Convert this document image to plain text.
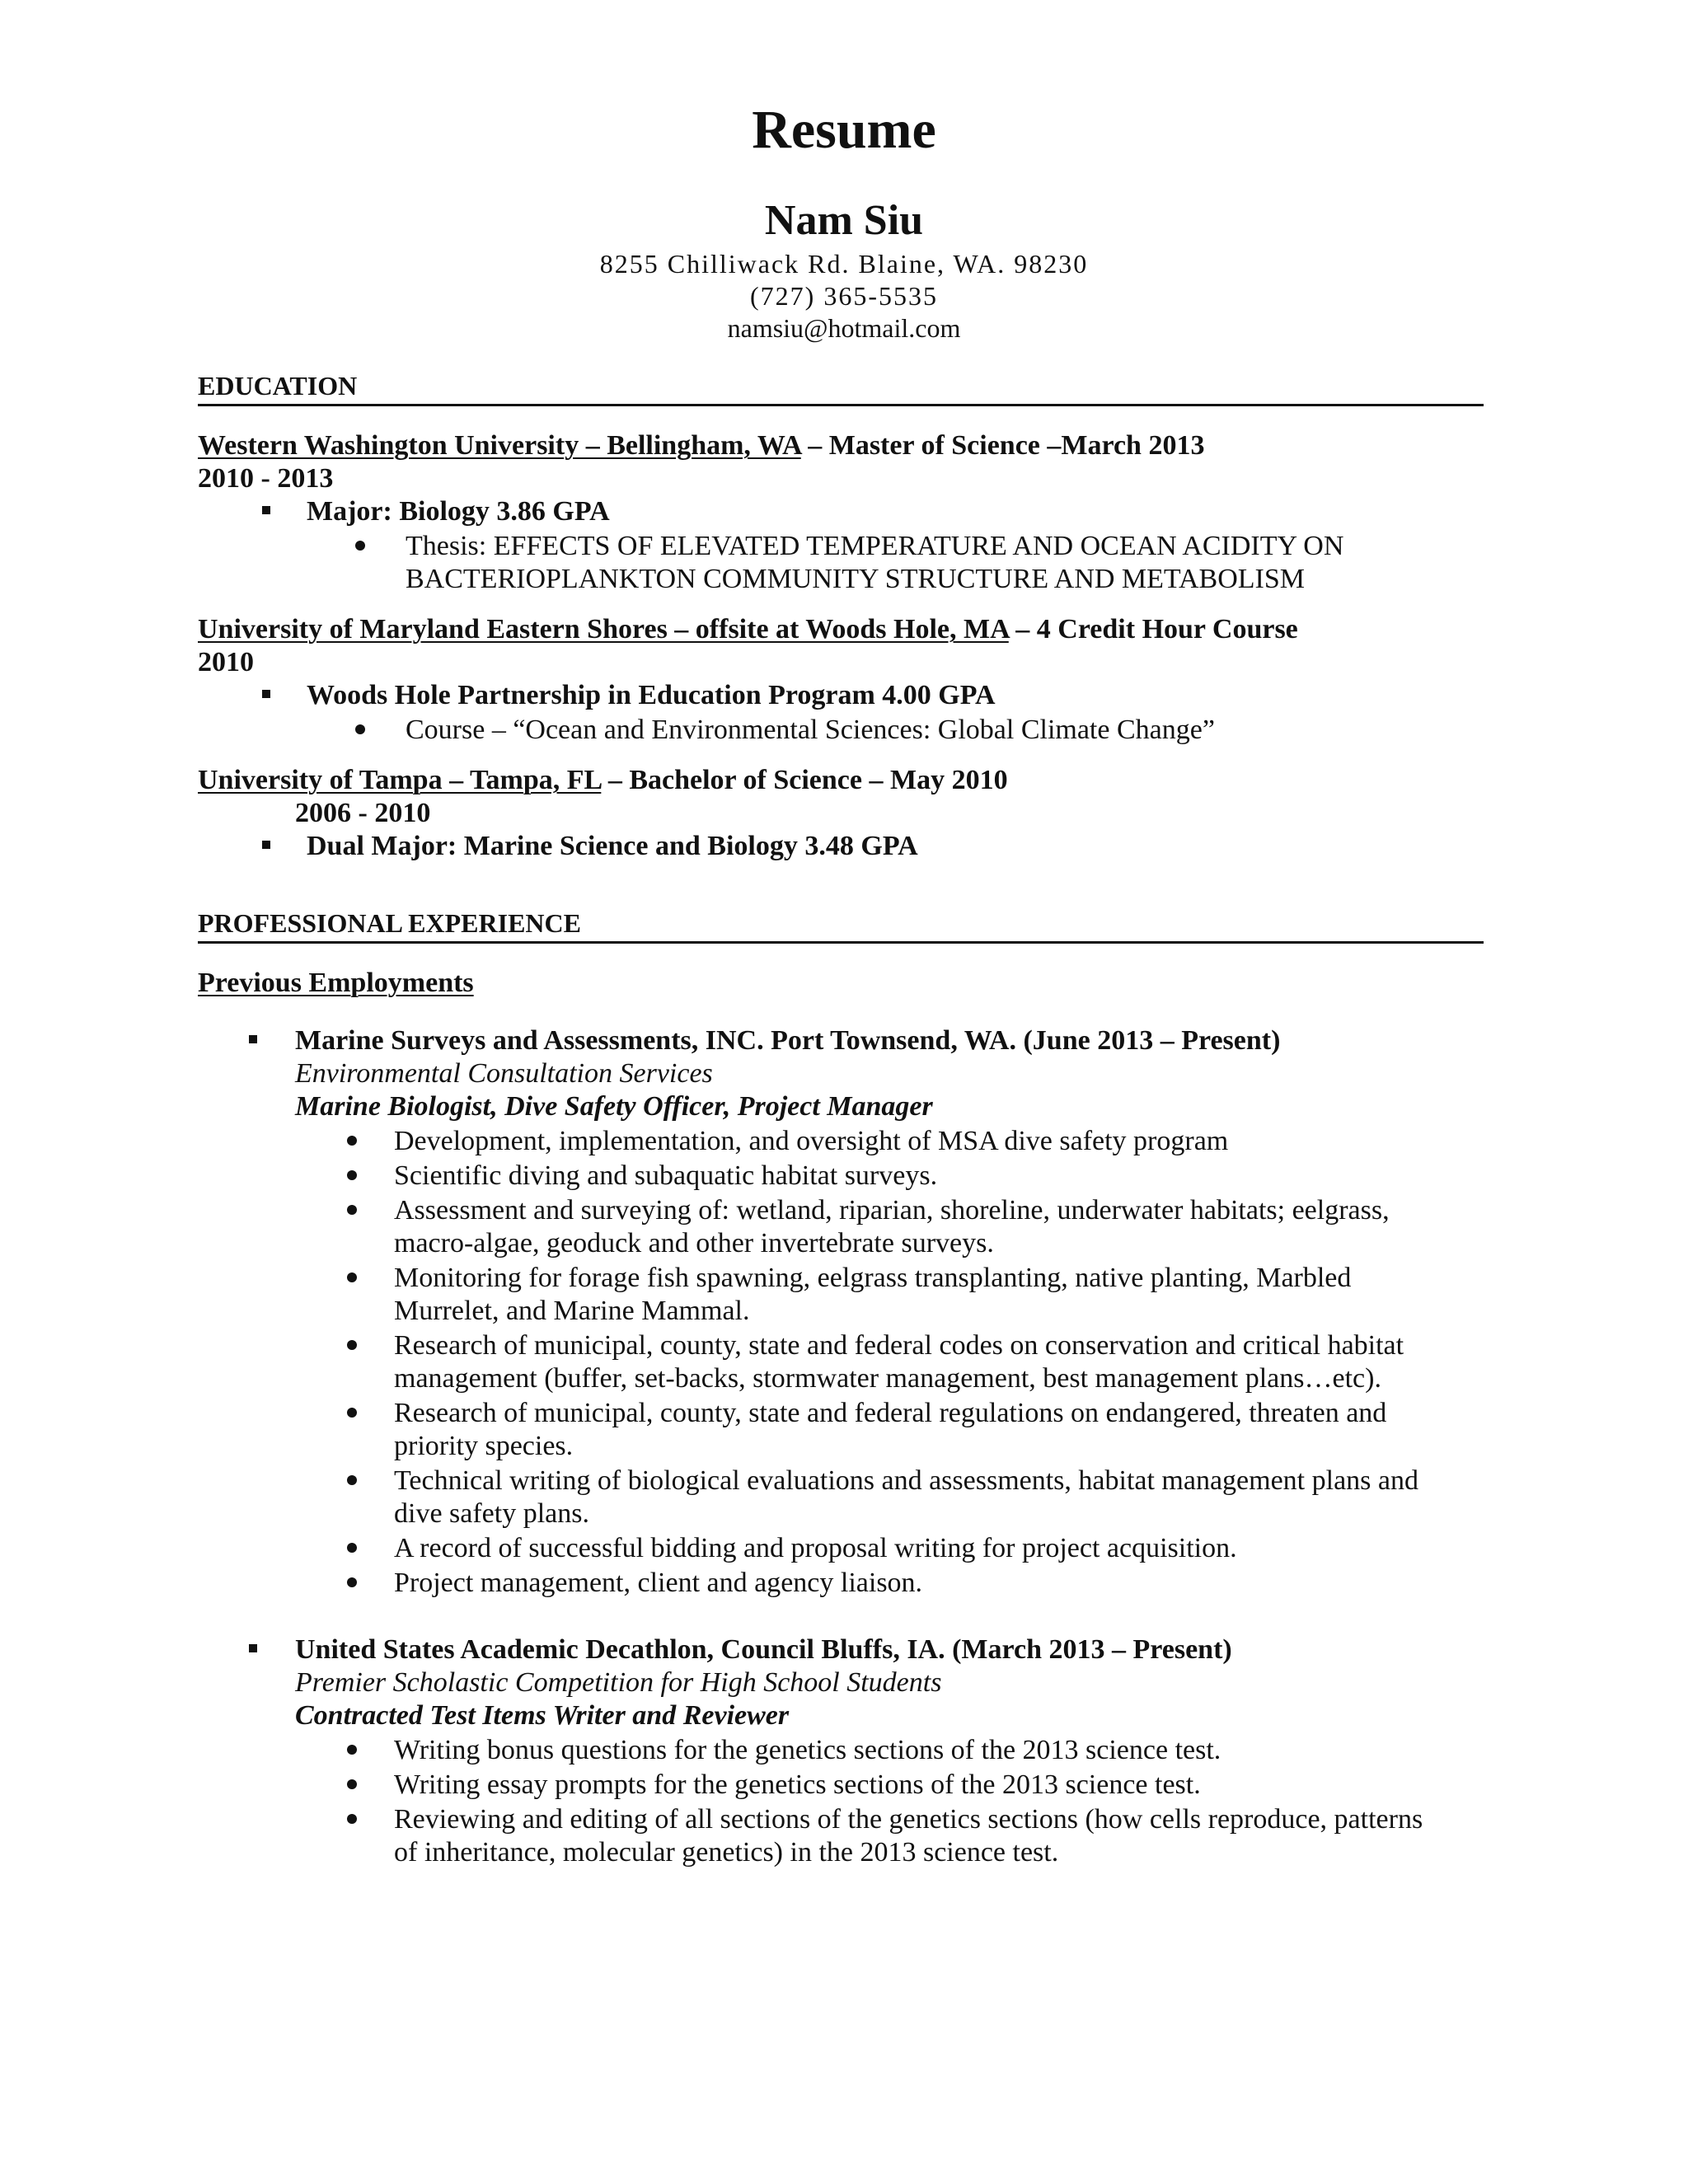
Resume
Nam Siu
8255 Chilliwack Rd. Blaine, WA. 98230
(727) 365-5535
namsiu@hotmail.com
EDUCATION
Western Washington University – Bellingham, WA – Master of Science –March 2013
2010 - 2013
Major: Biology 3.86 GPA
Thesis: EFFECTS OF ELEVATED TEMPERATURE AND OCEAN ACIDITY ON
BACTERIOPLANKTON COMMUNITY STRUCTURE AND METABOLISM
University of Maryland Eastern Shores – offsite at Woods Hole, MA – 4 Credit Hour Course
2010
Woods Hole Partnership in Education Program 4.00 GPA
Course – “Ocean and Environmental Sciences: Global Climate Change”
University of Tampa – Tampa, FL – Bachelor of Science – May 2010
2006 - 2010
Dual Major: Marine Science and Biology 3.48 GPA
PROFESSIONAL EXPERIENCE
Previous Employments
Marine Surveys and Assessments, INC. Port Townsend, WA. (June 2013 – Present)
Environmental Consultation Services
Marine Biologist, Dive Safety Officer, Project Manager
Development, implementation, and oversight of MSA dive safety program
Scientific diving and subaquatic habitat surveys.
Assessment and surveying of: wetland, riparian, shoreline, underwater habitats; eelgrass,
macro-algae, geoduck and other invertebrate surveys.
Monitoring for forage fish spawning, eelgrass transplanting, native planting, Marbled
Murrelet, and Marine Mammal.
Research of municipal, county, state and federal codes on conservation and critical habitat
management (buffer, set-backs, stormwater management, best management plans…etc).
Research of municipal, county, state and federal regulations on endangered, threaten and
priority species.
Technical writing of biological evaluations and assessments, habitat management plans and
dive safety plans.
A record of successful bidding and proposal writing for project acquisition.
Project management, client and agency liaison.
United States Academic Decathlon, Council Bluffs, IA. (March 2013 – Present)
Premier Scholastic Competition for High School Students
Contracted Test Items Writer and Reviewer
Writing bonus questions for the genetics sections of the 2013 science test.
Writing essay prompts for the genetics sections of the 2013 science test.
Reviewing and editing of all sections of the genetics sections (how cells reproduce, patterns
of inheritance, molecular genetics) in the 2013 science test.
